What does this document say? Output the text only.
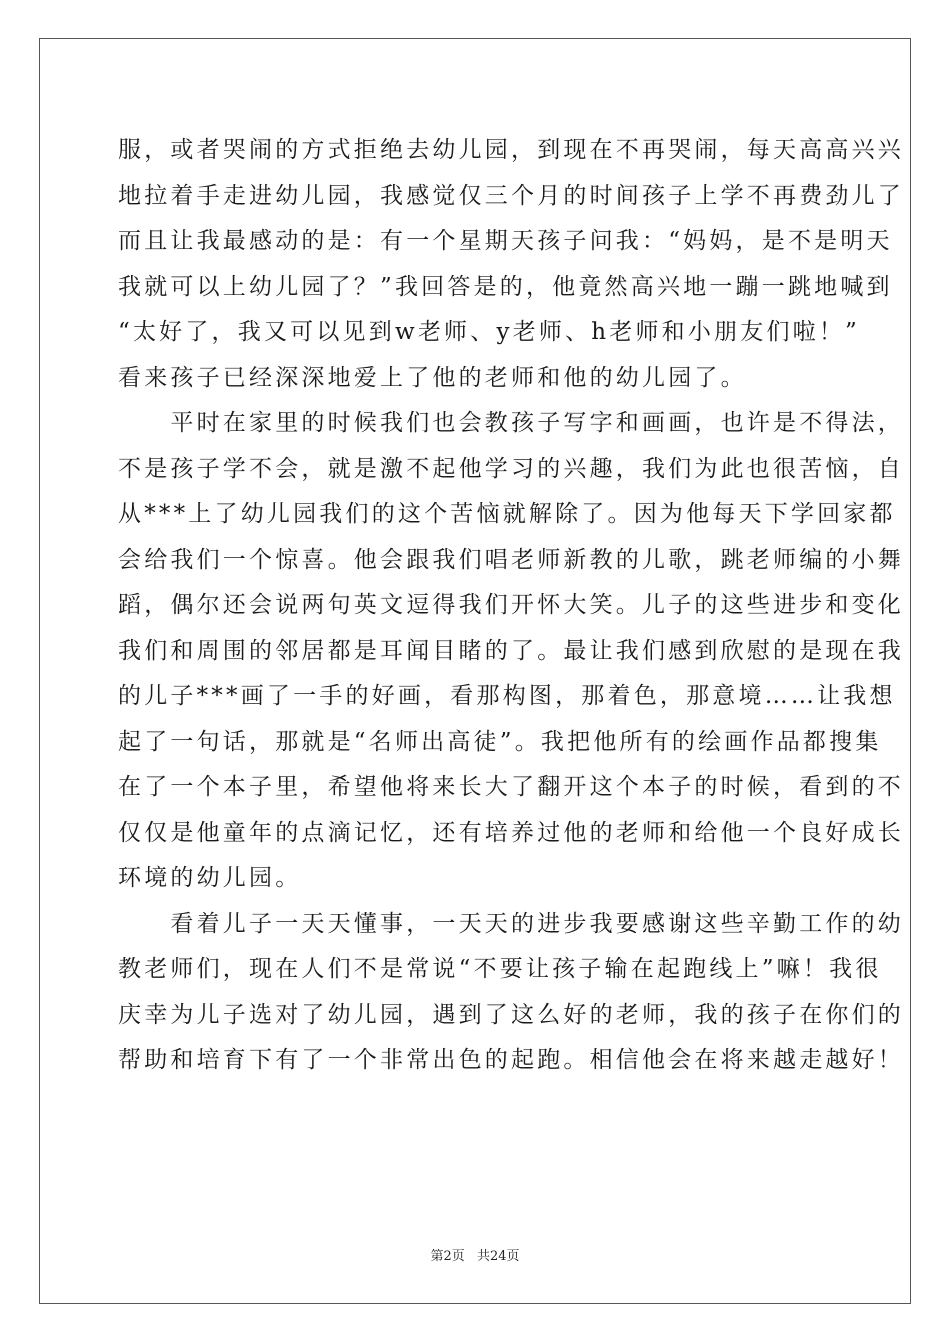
服，或者哭闹的方式拒绝去幼儿园，到现在不再哭闹，每天高高兴兴
地拉着手走进幼儿园，我感觉仅三个月的时间孩子上学不再费劲儿了
而且让我最感动的是：有一个星期天孩子问我：“妈妈，是不是明天
我就可以上幼儿园了？”我回答是的，他竟然高兴地一蹦一跳地喊到
“太好了，我又可以见到w老师、y老师、h老师和小朋友们啦！”
看来孩子已经深深地爱上了他的老师和他的幼儿园了。
　　平时在家里的时候我们也会教孩子写字和画画，也许是不得法，
不是孩子学不会，就是激不起他学习的兴趣，我们为此也很苦恼，自
从***上了幼儿园我们的这个苦恼就解除了。因为他每天下学回家都
会给我们一个惊喜。他会跟我们唱老师新教的儿歌，跳老师编的小舞
蹈，偶尔还会说两句英文逗得我们开怀大笑。儿子的这些进步和变化
我们和周围的邻居都是耳闻目睹的了。最让我们感到欣慰的是现在我
的儿子***画了一手的好画，看那构图，那着色，那意境……让我想
起了一句话，那就是“名师出高徒”。我把他所有的绘画作品都搜集
在了一个本子里，希望他将来长大了翻开这个本子的时候，看到的不
仅仅是他童年的点滴记忆，还有培养过他的老师和给他一个良好成长
环境的幼儿园。
　　看着儿子一天天懂事，一天天的进步我要感谢这些辛勤工作的幼
教老师们，现在人们不是常说“不要让孩子输在起跑线上”嘛！我很
庆幸为儿子选对了幼儿园，遇到了这么好的老师，我的孩子在你们的
帮助和培育下有了一个非常出色的起跑。相信他会在将来越走越好！
第2页 共24页
